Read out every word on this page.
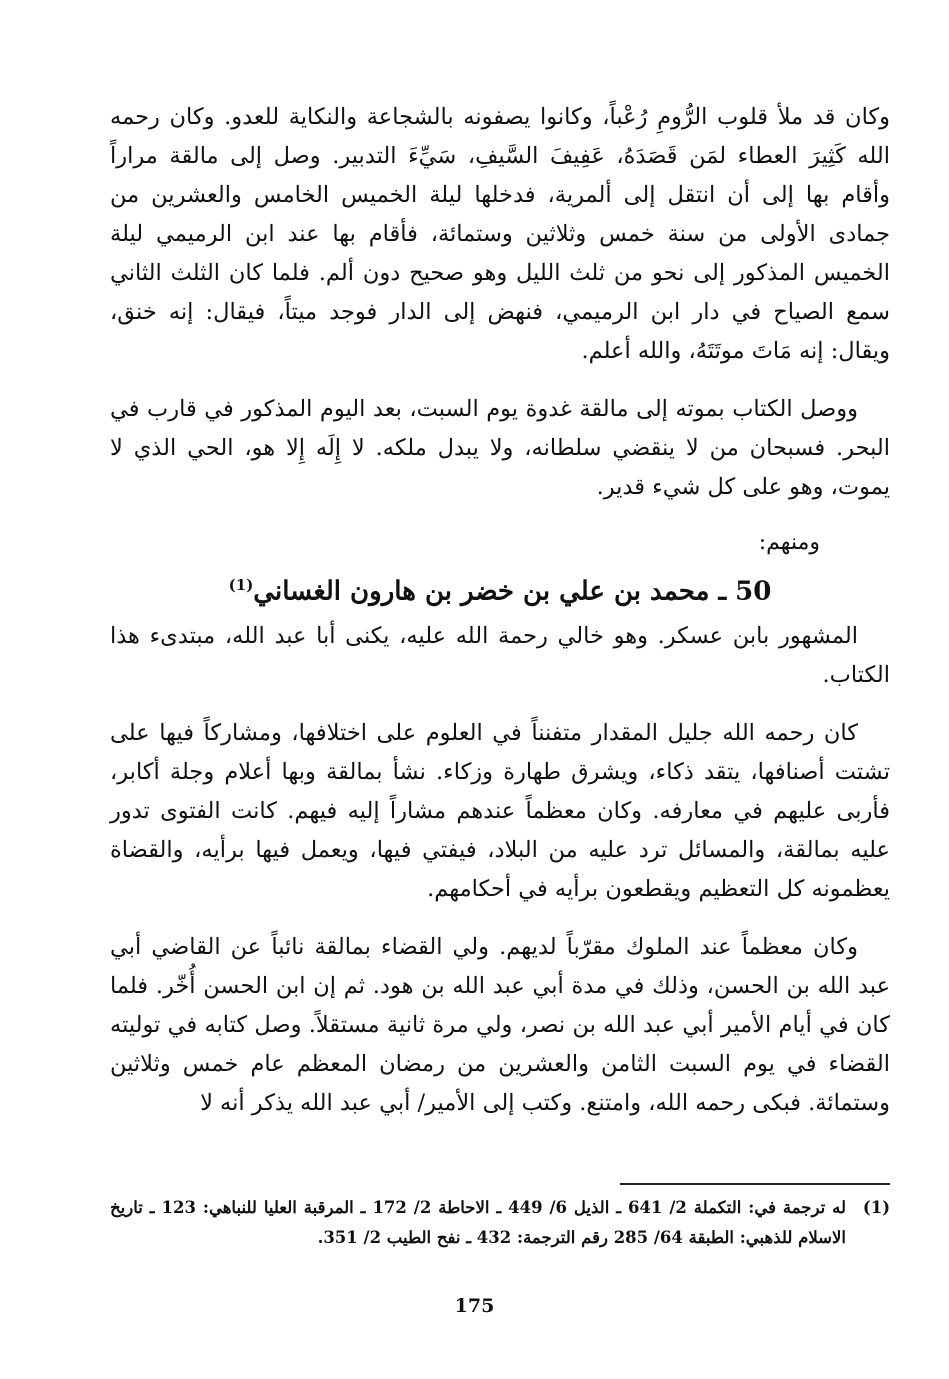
وكان قد ملأ قلوب الرُّومِ رُعْباً، وكانوا يصفونه بالشجاعة والنكاية للعدو. وكان رحمه الله كَثِيرَ العطاء لمَن قَصَدَهُ، عَفِيفَ السَّيفِ، سَيِّءَ التدبير. وصل إلى مالقة مراراً وأقام بها إلى أن انتقل إلى ألمرية، فدخلها ليلة الخميس الخامس والعشرين من جمادى الأولى من سنة خمس وثلاثين وستمائة، فأقام بها عند ابن الرميمي ليلة الخميس المذكور إلى نحو من ثلث الليل وهو صحيح دون ألم. فلما كان الثلث الثاني سمع الصياح في دار ابن الرميمي، فنهض إلى الدار فوجد ميتاً، فيقال: إنه خنق، ويقال: إنه مَاتَ موتَتَهُ، والله أعلم.

ووصل الكتاب بموته إلى مالقة غدوة يوم السبت، بعد اليوم المذكور في قارب في البحر. فسبحان من لا ينقضي سلطانه، ولا يبدل ملكه. لا إِلَه إِلا هو، الحي الذي لا يموت، وهو على كل شيء قدير.

ومنهم:
50 ـ محمد بن علي بن خضر بن هارون الغساني$^{(1)}$

المشهور بابن عسكر. وهو خالي رحمة الله عليه، يكنى أبا عبد الله، مبتدىء هذا الكتاب.

كان رحمه الله جليل المقدار متفنناً في العلوم على اختلافها، ومشاركاً فيها على تشتت أصنافها، يتقد ذكاء، ويشرق طهارة وزكاء. نشأ بمالقة وبها أعلام وجلة أكابر، فأربى عليهم في معارفه. وكان معظماً عندهم مشاراً إليه فيهم. كانت الفتوى تدور عليه بمالقة، والمسائل ترد عليه من البلاد، فيفتي فيها، ويعمل فيها برأيه، والقضاة يعظمونه كل التعظيم ويقطعون برأيه في أحكامهم.

وكان معظماً عند الملوك مقرّباً لديهم. ولي القضاء بمالقة نائباً عن القاضي أبي عبد الله بن الحسن، وذلك في مدة أبي عبد الله بن هود. ثم إن ابن الحسن أُخّر. فلما كان في أيام الأمير أبي عبد الله بن نصر، ولي مرة ثانية مستقلاً. وصل كتابه في توليته القضاء في يوم السبت الثامن والعشرين من رمضان المعظم عام خمس وثلاثين وستمائة. فبكى رحمه الله، وامتنع. وكتب إلى الأمير/ أبي عبد الله يذكر أنه لا

(1)
له ترجمة في: التكملة 2/ 641 ـ الذيل 6/ 449 ـ الاحاطة 2/ 172 ـ المرقبة العليا للنباهي: 123 ـ تاريخ الاسلام للذهبي: الطبقة 64/ 285 رقم الترجمة: 432 ـ نفح الطيب 2/ 351.
175
